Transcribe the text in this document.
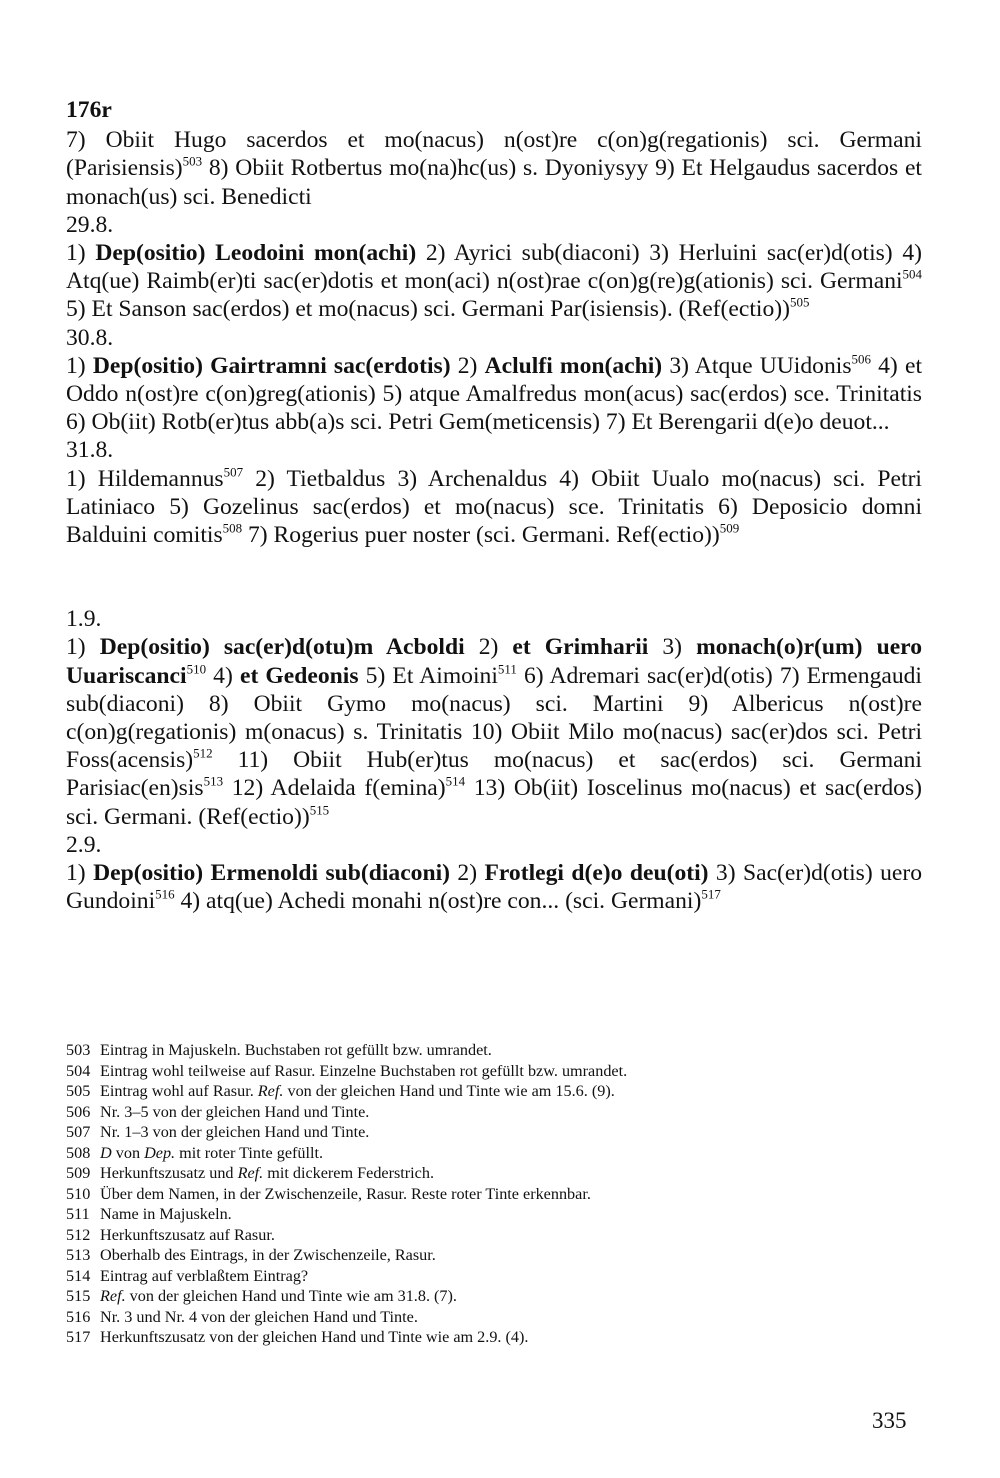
176r
7) Obiit Hugo sacerdos et mo(nacus) n(ost)re c(on)g(regationis) sci. Germani (Parisiensis)$^{503}$ 8) Obiit Rotbertus mo(na)hc(us) s. Dyoniysyy 9) Et Helgaudus sacerdos et monach(us) sci. Benedicti
29.8.
1) Dep(ositio) Leodoini mon(achi) 2) Ayrici sub(diaconi) 3) Herluini sac(er)d(otis) 4) Atq(ue) Raimb(er)ti sac(er)dotis et mon(aci) n(ost)rae c(on)g(re)g(ationis) sci. Germani$^{504}$ 5) Et Sanson sac(erdos) et mo(nacus) sci. Germani Par(isiensis). (Ref(ectio))$^{505}$
30.8.
1) Dep(ositio) Gairtramni sac(erdotis) 2) Aclulfi mon(achi) 3) Atque UUidonis$^{506}$ 4) et Oddo n(ost)re c(on)greg(ationis) 5) atque Amalfredus mon(acus) sac(erdos) sce. Trinitatis 6) Ob(iit) Rotb(er)tus abb(a)s sci. Petri Gem(meticensis) 7) Et Berengarii d(e)o deuot...
31.8.
1) Hildemannus$^{507}$ 2) Tietbaldus 3) Archenaldus 4) Obiit Uualo mo(nacus) sci. Petri Latiniaco 5) Gozelinus sac(erdos) et mo(nacus) sce. Trinitatis 6) Deposicio domni Balduini comitis$^{508}$ 7) Rogerius puer noster (sci. Germani. Ref(ectio))$^{509}$
1.9.
1) Dep(ositio) sac(er)d(otu)m Acboldi 2) et Grimharii 3) monach(o)r(um) uero Uuariscanci$^{510}$ 4) et Gedeonis 5) Et Aimoini$^{511}$ 6) Adremari sac(er)d(otis) 7) Ermengaudi sub(diaconi) 8) Obiit Gymo mo(nacus) sci. Martini 9) Albericus n(ost)re c(on)g(regationis) m(onacus) s. Trinitatis 10) Obiit Milo mo(nacus) sac(er)dos sci. Petri Foss(acensis)$^{512}$ 11) Obiit Hub(er)tus mo(nacus) et sac(erdos) sci. Germani Parisiac(en)sis$^{513}$ 12) Adelaida $f(emina)^{514}$ 13) Ob(iit) Ioscelinus mo(nacus) et sac(erdos) sci. Germani. (Ref(ectio))$^{515}$
2.9.
1) Dep(ositio) Ermenoldi sub(diaconi) 2) Frotlegi d(e)o deu(oti) 3) Sac(er)d(otis) uero Gundoini$^{516}$ 4) atq(ue) Achedi monahi n(ost)re con... (sci. Germani)$^{517}$
503 Eintrag in Majuskeln. Buchstaben rot gefüllt bzw. umrandet.
504 Eintrag wohl teilweise auf Rasur. Einzelne Buchstaben rot gefüllt bzw. umrandet.
505 Eintrag wohl auf Rasur. Ref. von der gleichen Hand und Tinte wie am 15.6. (9).
506 Nr. 3–5 von der gleichen Hand und Tinte.
507 Nr. 1–3 von der gleichen Hand und Tinte.
508 D von Dep. mit roter Tinte gefüllt.
509 Herkunftszusatz und Ref. mit dickerem Federstrich.
510 Über dem Namen, in der Zwischenzeile, Rasur. Reste roter Tinte erkennbar.
511 Name in Majuskeln.
512 Herkunftszusatz auf Rasur.
513 Oberhalb des Eintrags, in der Zwischenzeile, Rasur.
514 Eintrag auf verblaßtem Eintrag?
515 Ref. von der gleichen Hand und Tinte wie am 31.8. (7).
516 Nr. 3 und Nr. 4 von der gleichen Hand und Tinte.
517 Herkunftszusatz von der gleichen Hand und Tinte wie am 2.9. (4).
335
